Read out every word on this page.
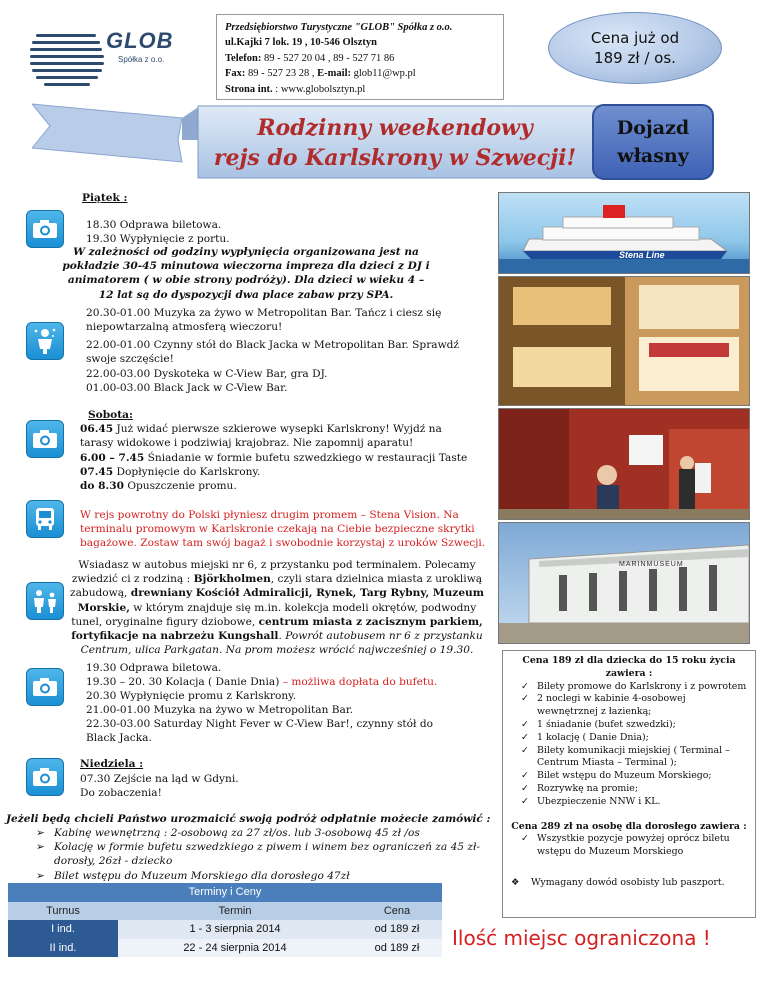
GLOB
Spółka z o.o.
Przedsiębiorstwo Turystyczne "GLOB" Spółka z o.o.
ul.Kajki 7 lok. 19 , 10-546 Olsztyn
Telefon: 89 - 527 20 04 , 89 - 527 71 86
Fax: 89 - 527 23 28 , E-mail: glob11@wp.pl
Strona int. : www.globolsztyn.pl
Cena już od
189 zł / os.
Rodzinny weekendowy
rejs do Karlskrony w Szwecji!
Dojazd
własny
Piątek :
18.30 Odprawa biletowa.
19.30 Wypłynięcie z portu.
W zależności od godziny wypłynięcia organizowana jest na pokładzie 30-45 minutowa wieczorna impreza dla dzieci z DJ i animatorem ( w obie strony podróży). Dla dzieci w wieku 4 – 12 lat są do dyspozycji dwa place zabaw przy SPA.
20.30-01.00 Muzyka za żywo w Metropolitan Bar. Tańcz i ciesz się niepowtarzalną atmosferą wieczoru!
22.00-01.00 Czynny stół do Black Jacka w Metropolitan Bar. Sprawdź swoje szczęście!
22.00-03.00 Dyskoteka w C-View Bar, gra DJ.
01.00-03.00 Black Jack w C-View Bar.
Sobota:
06.45 Już widać pierwsze szkierowe wysepki Karlskrony! Wyjdź na tarasy widokowe i podziwiaj krajobraz. Nie zapomnij aparatu!
6.00 – 7.45 Śniadanie w formie bufetu szwedzkiego w restauracji Taste
07.45 Dopłynięcie do Karlskrony.
do 8.30 Opuszczenie promu.
W rejs powrotny do Polski płyniesz drugim promem – Stena Vision. Na terminalu promowym w Karlskronie czekają na Ciebie bezpieczne skrytki bagażowe. Zostaw tam swój bagaż i swobodnie korzystaj z uroków Szwecji.
Wsiadasz w autobus miejski nr 6, z przystanku pod terminalem. Polecamy zwiedzić ci z rodziną : Björkholmen, czyli stara dzielnica miasta z urokliwą zabudową, drewniany Kościół Admiralicji, Rynek, Targ Rybny, Muzeum Morskie, w którym znajduje się m.in. kolekcja modeli okrętów, podwodny tunel, oryginalne figury dziobowe, centrum miasta z zacisznym parkiem, fortyfikacje na nabrzeżu Kungshall. Powrót autobusem nr 6 z przystanku Centrum, ulica Parkgatan. Na prom możesz wrócić najwcześniej o 19.30.
19.30 Odprawa biletowa.
19.30 – 20. 30 Kolacja ( Danie Dnia) – możliwa dopłata do bufetu.
20.30 Wypłynięcie promu z Karlskrony.
21.00-01.00 Muzyka na żywo w Metropolitan Bar.
22.30-03.00 Saturday Night Fever w C-View Bar!, czynny stół do Black Jacka.
Niedziela :
07.30 Zejście na ląd w Gdyni.
Do zobaczenia!
Jeżeli będą chcieli Państwo urozmaicić swoją podróż odpłatnie możecie zamówić :
➢ Kabinę wewnętrzną : 2-osobową za 27 zł/os. lub 3-osobową 45 zł /os
➢ Kolację w formie bufetu szwedzkiego z piwem i winem bez ograniczeń za 45 zł- dorosły, 26zł - dziecko
➢ Bilet wstępu do Muzeum Morskiego dla dorosłego 47zł
Terminy i Ceny		
Turnus	Termin	Cena
I ind.	1 - 3 sierpnia 2014	od 189 zł
II ind.	22 - 24 sierpnia 2014	od 189 zł
Stena Line
MARINMUSEUM
Cena 189 zł dla dziecka do 15 roku życia zawiera :
✓ Bilety promowe do Karlskrony i z powrotem
✓ 2 noclegi w kabinie 4-osobowej wewnętrznej z łazienką;
✓ 1 śniadanie (bufet szwedzki);
✓ 1 kolację ( Danie Dnia);
✓ Bilety komunikacji miejskiej ( Terminal – Centrum Miasta – Terminal );
✓ Bilet wstępu do Muzeum Morskiego;
✓ Rozrywkę na promie;
✓ Ubezpieczenie NNW i KL.
Cena 289 zł na osobę dla dorosłego zawiera :
✓ Wszystkie pozycje powyżej oprócz biletu wstępu do Muzeum Morskiego
❖ Wymagany dowód osobisty lub paszport.
Ilość miejsc ograniczona !
